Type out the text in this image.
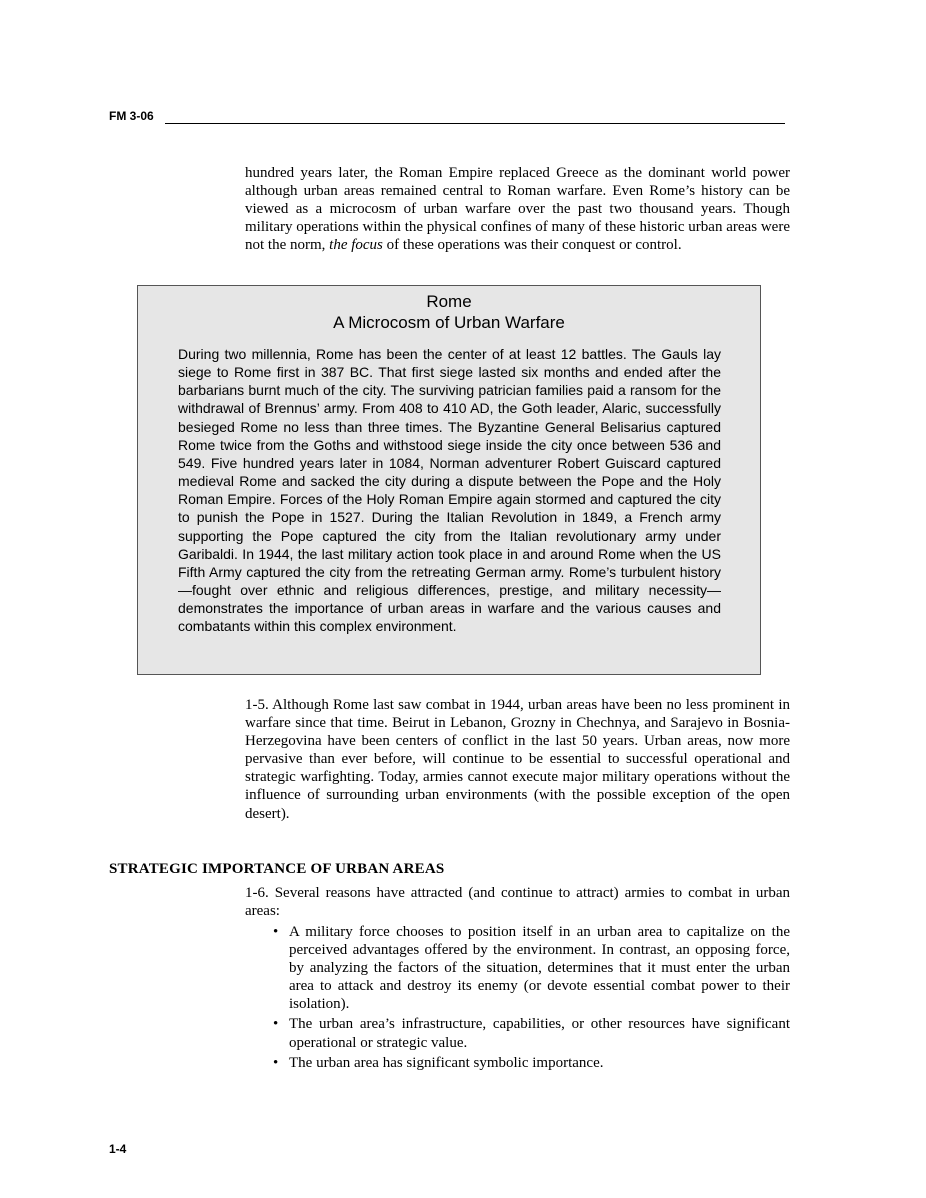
FM 3-06

hundred years later, the Roman Empire replaced Greece as the dominant world power although urban areas remained central to Roman warfare. Even Rome’s history can be viewed as a microcosm of urban warfare over the past two thousand years. Though military operations within the physical confines of many of these historic urban areas were not the norm, the focus of these operations was their conquest or control.

Rome
A Microcosm of Urban Warfare
During two millennia, Rome has been the center of at least 12 battles. The Gauls lay siege to Rome first in 387 BC. That first siege lasted six months and ended after the barbarians burnt much of the city. The surviving patrician families paid a ransom for the withdrawal of Brennus’ army. From 408 to 410 AD, the Goth leader, Alaric, successfully besieged Rome no less than three times. The Byzantine General Belisarius captured Rome twice from the Goths and withstood siege inside the city once between 536 and 549. Five hundred years later in 1084, Norman adventurer Robert Guiscard captured medieval Rome and sacked the city during a dispute between the Pope and the Holy Roman Empire. Forces of the Holy Roman Empire again stormed and captured the city to punish the Pope in 1527. During the Italian Revolution in 1849, a French army supporting the Pope captured the city from the Italian revolutionary army under Garibaldi. In 1944, the last military action took place in and around Rome when the US Fifth Army captured the city from the retreating German army. Rome’s turbulent history—fought over ethnic and religious differences, prestige, and military necessity—demonstrates the importance of urban areas in warfare and the various causes and combatants within this complex environment.

1-5. Although Rome last saw combat in 1944, urban areas have been no less prominent in warfare since that time. Beirut in Lebanon, Grozny in Chechnya, and Sarajevo in Bosnia-Herzegovina have been centers of conflict in the last 50 years. Urban areas, now more pervasive than ever before, will continue to be essential to successful operational and strategic warfighting. Today, armies cannot execute major military operations without the influence of surrounding urban environments (with the possible exception of the open desert).

STRATEGIC IMPORTANCE OF URBAN AREAS

1-6. Several reasons have attracted (and continue to attract) armies to combat in urban areas:

• A military force chooses to position itself in an urban area to capitalize on the perceived advantages offered by the environment. In contrast, an opposing force, by analyzing the factors of the situation, determines that it must enter the urban area to attack and destroy its enemy (or devote essential combat power to their isolation).
• The urban area’s infrastructure, capabilities, or other resources have significant operational or strategic value.
• The urban area has significant symbolic importance.
1-4
